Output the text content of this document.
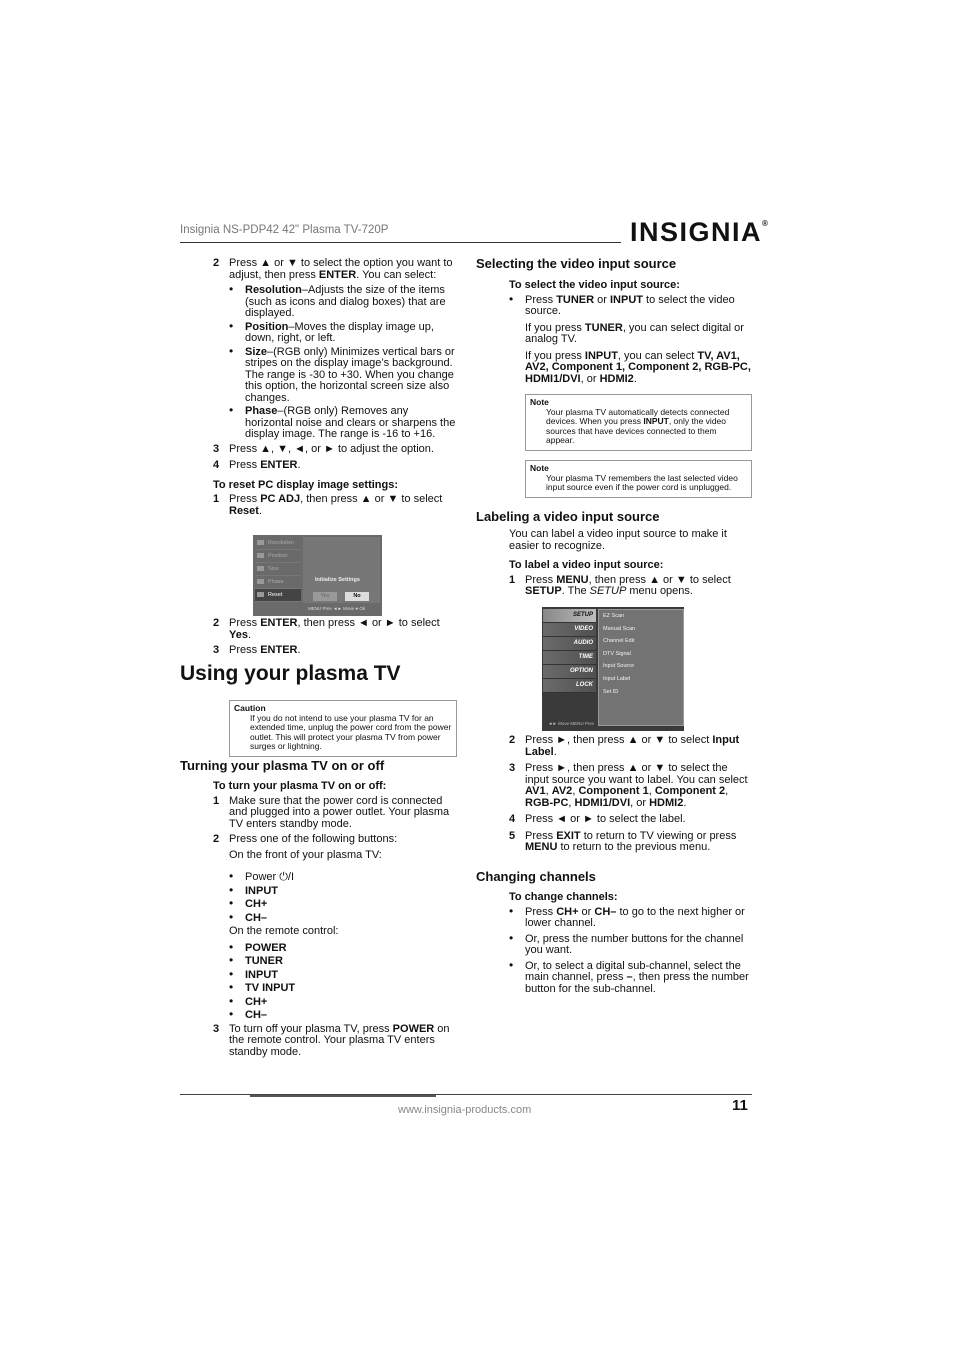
Insignia NS-PDP42 42" Plasma TV-720P	INSIGNIA®
2 Press ▲ or ▼ to select the option you want to adjust, then press ENTER. You can select:
• Resolution–Adjusts the size of the items (such as icons and dialog boxes) that are displayed.
• Position–Moves the display image up, down, right, or left.
• Size–(RGB only) Minimizes vertical bars or stripes on the display image’s background. The range is -30 to +30. When you change this option, the horizontal screen size also changes.
• Phase–(RGB only) Removes any horizontal noise and clears or sharpens the display image. The range is -16 to +16.
3 Press ▲, ▼, ◄, or ► to adjust the option.
4 Press ENTER.
To reset PC display image settings:
1 Press PC ADJ, then press ▲ or ▼ to select Reset.
Resolution
Position
Size
Phase
Reset
Initialize Settings
Yes	No
MENU Prev ◄► Move ● Ok
2 Press ENTER, then press ◄ or ► to select Yes.
3 Press ENTER.
Using your plasma TV
Caution
If you do not intend to use your plasma TV for an extended time, unplug the power cord from the power outlet. This will protect your plasma TV from power surges or lightning.
Turning your plasma TV on or off
To turn your plasma TV on or off:
1 Make sure that the power cord is connected and plugged into a power outlet. Your plasma TV enters standby mode.
2 Press one of the following buttons:
On the front of your plasma TV:
• Power ⏻/I
• INPUT
• CH+
• CH–
On the remote control:
• POWER
• TUNER
• INPUT
• TV INPUT
• CH+
• CH–
3 To turn off your plasma TV, press POWER on the remote control. Your plasma TV enters standby mode.
Selecting the video input source
To select the video input source:
• Press TUNER or INPUT to select the video source.
If you press TUNER, you can select digital or analog TV.
If you press INPUT, you can select TV, AV1, AV2, Component 1, Component 2, RGB-PC, HDMI1/DVI, or HDMI2.
Note
Your plasma TV automatically detects connected devices. When you press INPUT, only the video sources that have devices connected to them appear.
Note
Your plasma TV remembers the last selected video input source even if the power cord is unplugged.
Labeling a video input source
You can label a video input source to make it easier to recognize.
To label a video input source:
1 Press MENU, then press ▲ or ▼ to select SETUP. The SETUP menu opens.
SETUP
VIDEO
AUDIO
TIME
OPTION
LOCK
EZ Scan
Manual Scan
Channel Edit
DTV Signal
Input Source
Input Label
Set ID
◄► Move MENU Prev
2 Press ►, then press ▲ or ▼ to select Input Label.
3 Press ►, then press ▲ or ▼ to select the input source you want to label. You can select AV1, AV2, Component 1, Component 2, RGB-PC, HDMI1/DVI, or HDMI2.
4 Press ◄ or ► to select the label.
5 Press EXIT to return to TV viewing or press MENU to return to the previous menu.
Changing channels
To change channels:
• Press CH+ or CH– to go to the next higher or lower channel.
• Or, press the number buttons for the channel you want.
• Or, to select a digital sub-channel, select the main channel, press –, then press the number button for the sub-channel.
www.insignia-products.com	11
